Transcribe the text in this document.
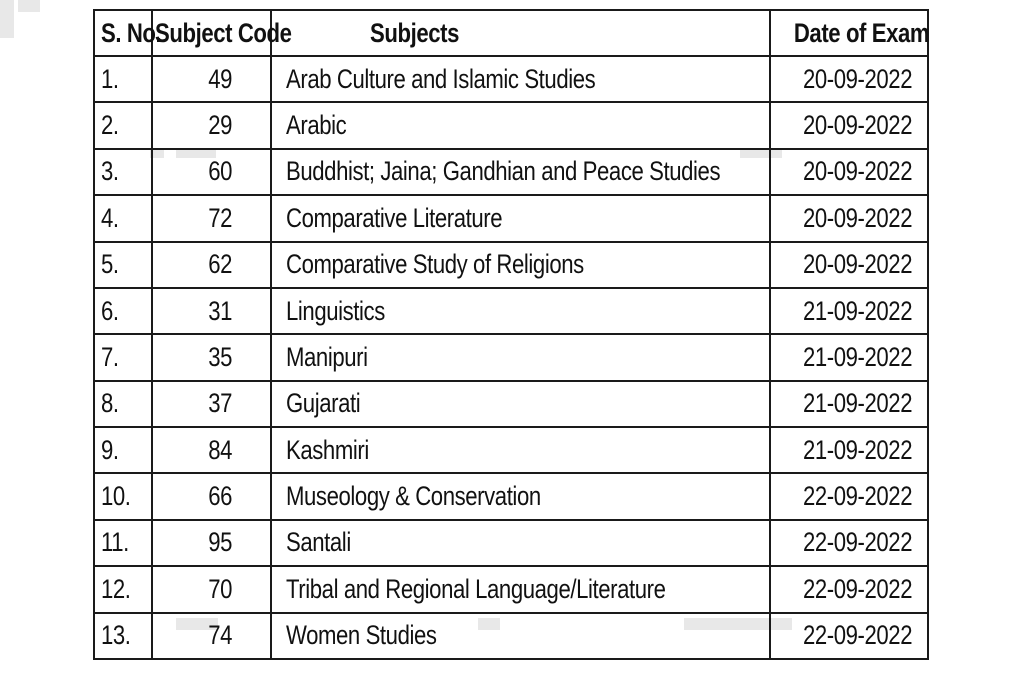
S. No.	Subject Code	Subjects	Date of Exam
1.	49	Arab Culture and Islamic Studies	20-09-2022
2.	29	Arabic	20-09-2022
3.	60	Buddhist; Jaina; Gandhian and Peace Studies	20-09-2022
4.	72	Comparative Literature	20-09-2022
5.	62	Comparative Study of Religions	20-09-2022
6.	31	Linguistics	21-09-2022
7.	35	Manipuri	21-09-2022
8.	37	Gujarati	21-09-2022
9.	84	Kashmiri	21-09-2022
10.	66	Museology & Conservation	22-09-2022
11.	95	Santali	22-09-2022
12.	70	Tribal and Regional Language/Literature	22-09-2022
13.	74	Women Studies	22-09-2022
